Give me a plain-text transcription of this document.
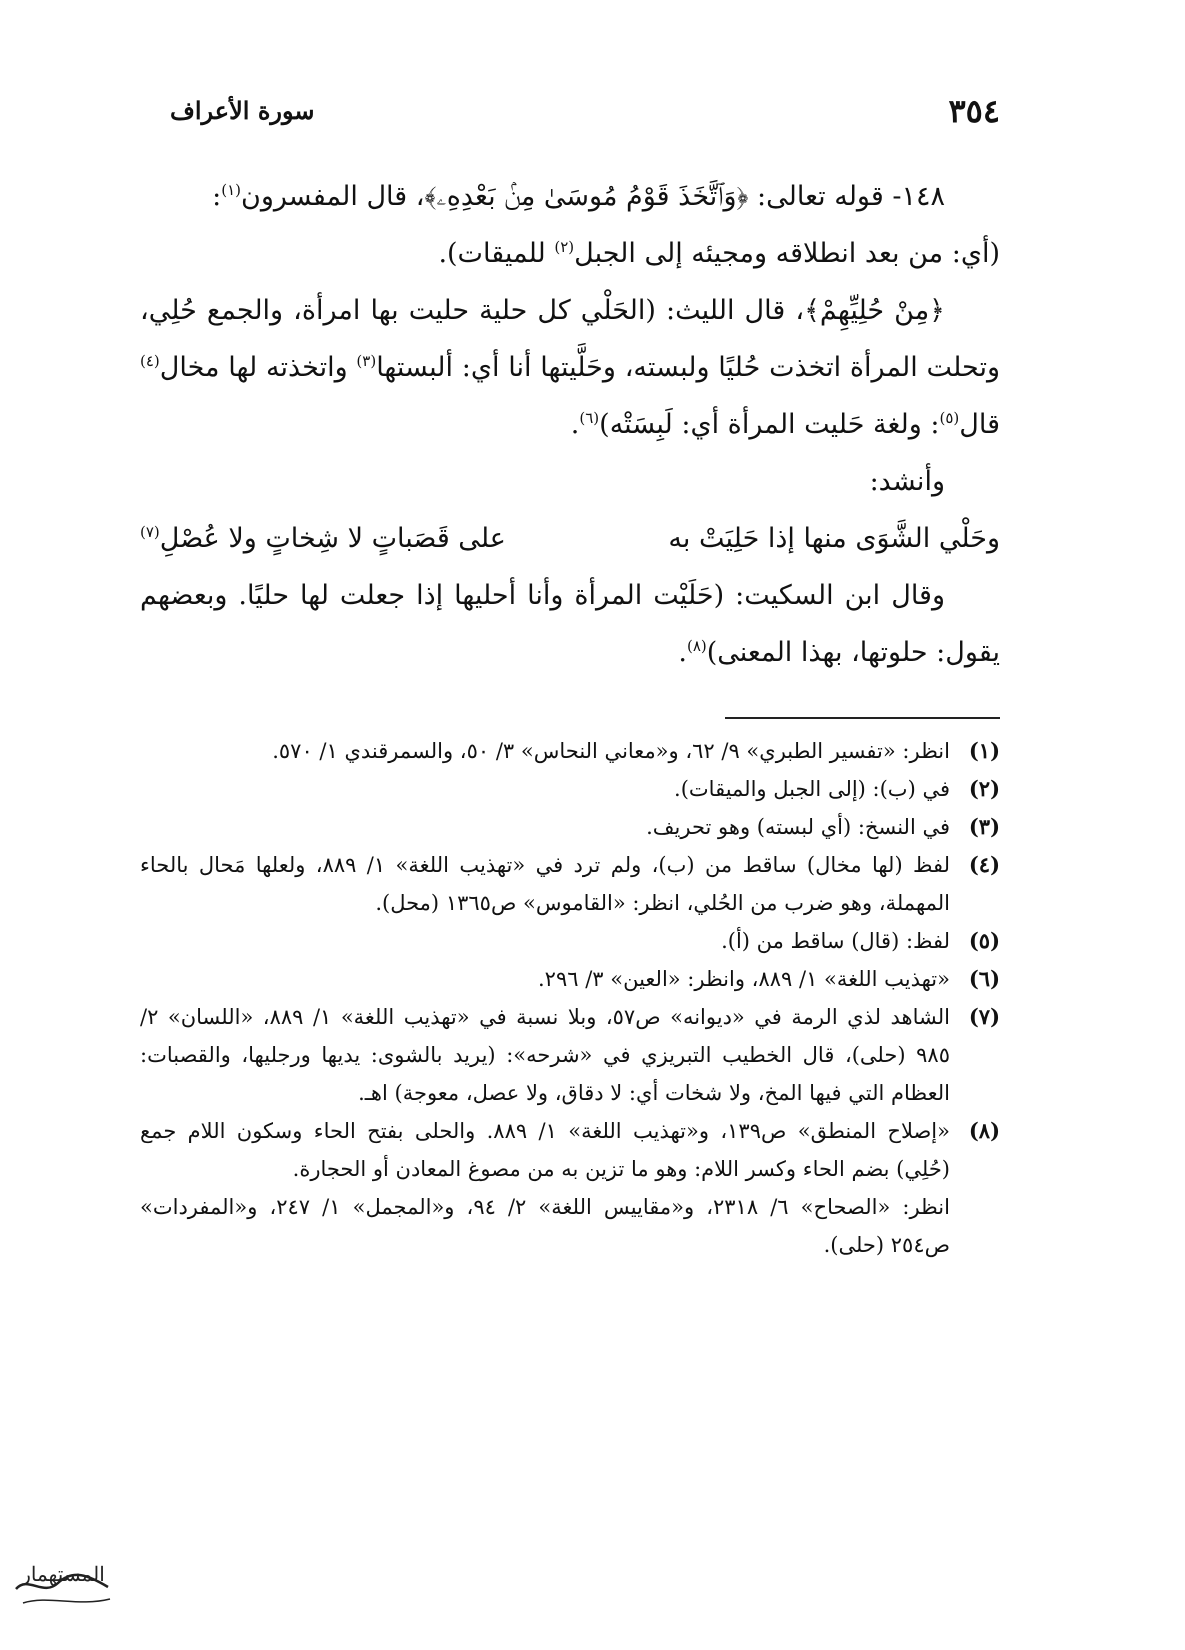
٣٥٤
سورة الأعراف

١٤٨- قوله تعالى: ﴿وَٱتَّخَذَ قَوْمُ مُوسَىٰ مِنۢ بَعْدِهِۦ﴾، قال المفسرون$^{(١)}$:

(أي: من بعد انطلاقه ومجيئه إلى الجبل$^{(٢)}$ للميقات).

﴿مِنْ حُلِيِّهِمْ﴾، قال الليث: (الحَلْي كل حلية حليت بها امرأة، والجمع حُلِي، وتحلت المرأة اتخذت حُليًا ولبسته، وحَلَّيتها أنا أي: ألبستها$^{(٣)}$ واتخذته لها مخال$^{(٤)}$ قال$^{(٥)}$: ولغة حَليت المرأة أي: لَبِسَتْه)$^{(٦)}$.

وأنشد:

وحَلْي الشَّوَى منها إذا حَلِيَتْ به
على قَصَباتٍ لا شِخاتٍ ولا عُصْلِ$^{(٧)}$

وقال ابن السكيت: (حَلَيْت المرأة وأنا أحليها إذا جعلت لها حليًا. وبعضهم يقول: حلوتها، بهذا المعنى)$^{(٨)}$.

(١)

انظر: «تفسير الطبري» ٩/ ٦٢، و«معاني النحاس» ٣/ ٥٠، والسمرقندي ١/ ٥٧٠.

(٢)

في (ب): (إلى الجبل والميقات).

(٣)

في النسخ: (أي لبسته) وهو تحريف.

(٤)

لفظ (لها مخال) ساقط من (ب)، ولم ترد في «تهذيب اللغة» ١/ ٨٨٩، ولعلها مَحال بالحاء المهملة، وهو ضرب من الحُلي، انظر: «القاموس» ص١٣٦٥ (محل).

(٥)

لفظ: (قال) ساقط من (أ).

(٦)

«تهذيب اللغة» ١/ ٨٨٩، وانظر: «العين» ٣/ ٢٩٦.

(٧)

الشاهد لذي الرمة في «ديوانه» ص٥٧، وبلا نسبة في «تهذيب اللغة» ١/ ٨٨٩، «اللسان» ٢/ ٩٨٥ (حلى)، قال الخطيب التبريزي في «شرحه»: (يريد بالشوى: يديها ورجليها، والقصبات: العظام التي فيها المخ، ولا شخات أي: لا دقاق، ولا عصل، معوجة) اهـ.

(٨)

«إصلاح المنطق» ص١٣٩، و«تهذيب اللغة» ١/ ٨٨٩. والحلى بفتح الحاء وسكون اللام جمع (حُلِي) بضم الحاء وكسر اللام: وهو ما تزين به من مصوغ المعادن أو الحجارة.

انظر: «الصحاح» ٦/ ٢٣١٨، و«مقاييس اللغة» ٢/ ٩٤، و«المجمل» ١/ ٢٤٧، و«المفردات» ص٢٥٤ (حلى).

المستهمار
